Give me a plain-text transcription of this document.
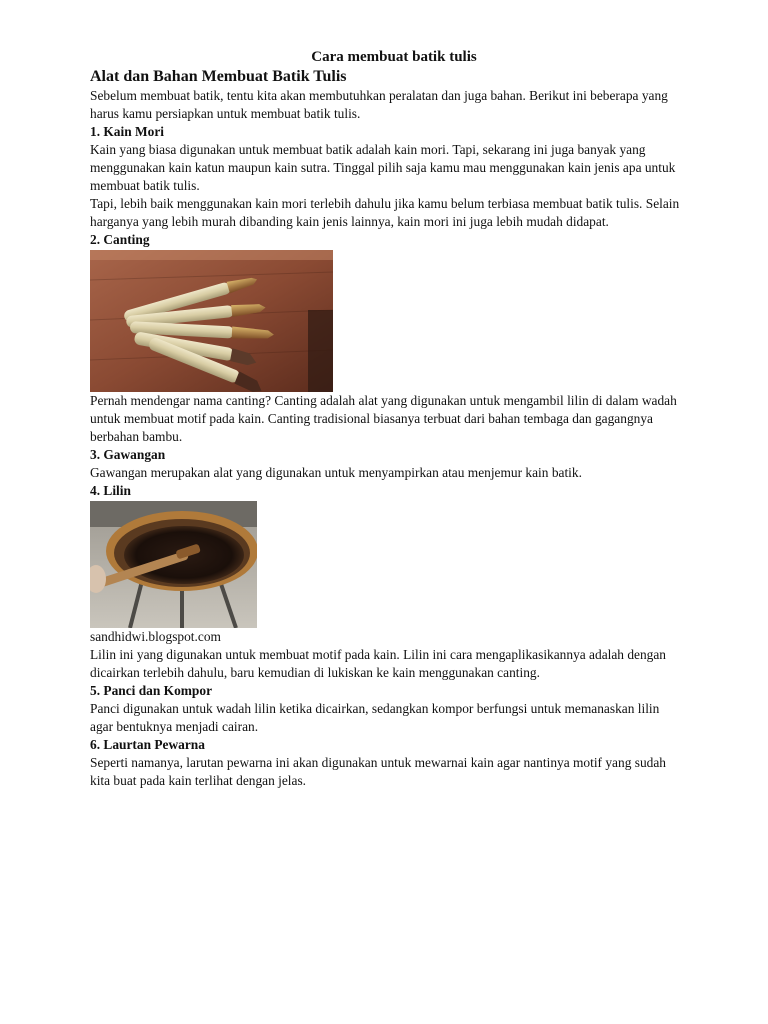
Cara membuat batik tulis
Alat dan Bahan Membuat Batik Tulis

Sebelum membuat batik, tentu kita akan membutuhkan peralatan dan juga bahan. Berikut ini beberapa yang harus kamu persiapkan untuk membuat batik tulis.

1. Kain Mori

Kain yang biasa digunakan untuk membuat batik adalah kain mori. Tapi, sekarang ini juga banyak yang menggunakan kain katun maupun kain sutra. Tinggal pilih saja kamu mau menggunakan kain jenis apa untuk membuat batik tulis.

Tapi, lebih baik menggunakan kain mori terlebih dahulu jika kamu belum terbiasa membuat batik tulis. Selain harganya yang lebih murah dibanding kain jenis lainnya, kain mori ini juga lebih mudah didapat.

2. Canting

Pernah mendengar nama canting? Canting adalah alat yang digunakan untuk mengambil lilin di dalam wadah untuk membuat motif pada kain. Canting tradisional biasanya terbuat dari bahan tembaga dan gagangnya berbahan bambu.

3. Gawangan

Gawangan merupakan alat yang digunakan untuk menyampirkan atau menjemur kain batik.

4. Lilin

sandhidwi.blogspot.com

Lilin ini yang digunakan untuk membuat motif pada kain. Lilin ini cara mengaplikasikannya adalah dengan dicairkan terlebih dahulu, baru kemudian di lukiskan ke kain menggunakan canting.

5. Panci dan Kompor

Panci digunakan untuk wadah lilin ketika dicairkan, sedangkan kompor berfungsi untuk memanaskan lilin agar bentuknya menjadi cairan.

6. Laurtan Pewarna

Seperti namanya, larutan pewarna ini akan digunakan untuk mewarnai kain agar nantinya motif yang sudah kita buat pada kain terlihat dengan jelas.
